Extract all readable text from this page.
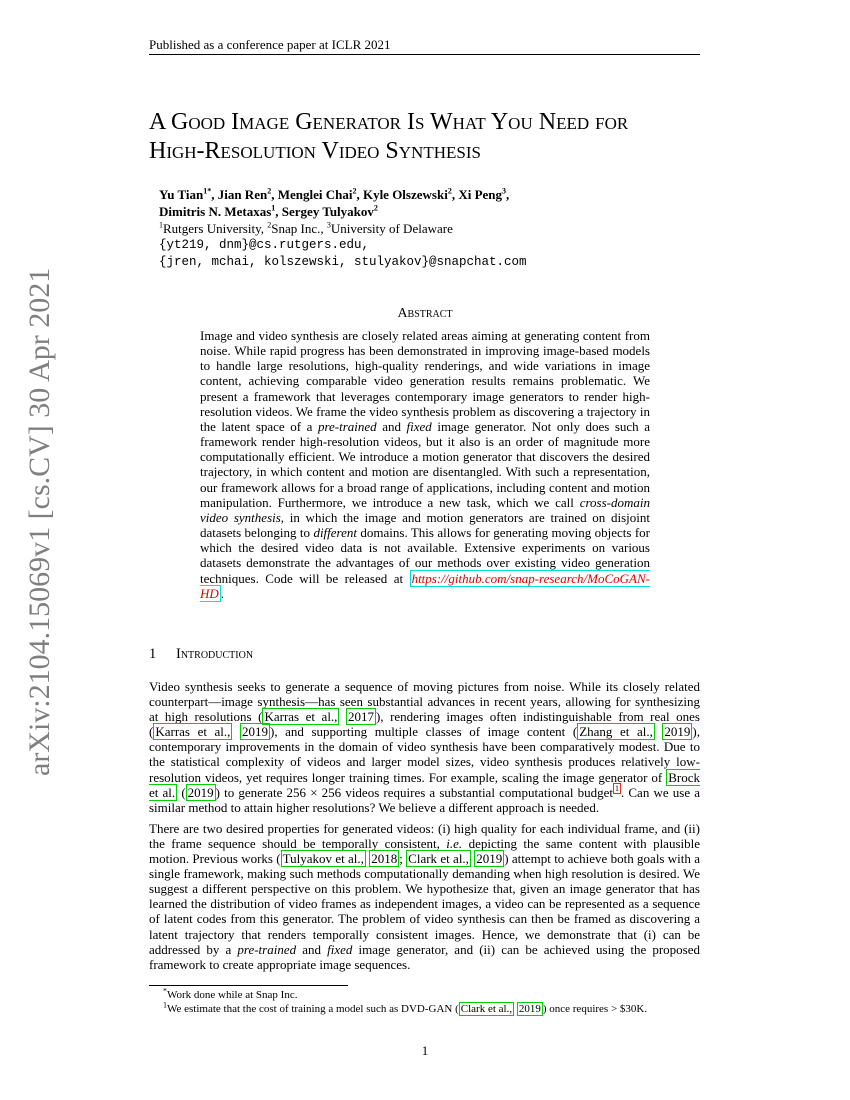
Published as a conference paper at ICLR 2021
arXiv:2104.15069v1 [cs.CV] 30 Apr 2021
A Good Image Generator Is What You Need for
High-Resolution Video Synthesis
Yu Tian$^{1*}$, Jian Ren$^2$, Menglei Chai$^2$, Kyle Olszewski$^2$, Xi Peng$^3$,
Dimitris N. Metaxas$^1$, Sergey Tulyakov$^2$
$^1$Rutgers University, $^2$Snap Inc., $^3$University of Delaware
{yt219, dnm}@cs.rutgers.edu,
{jren, mchai, kolszewski, stulyakov}@snapchat.com
Abstract

Image and video synthesis are closely related areas aiming at generating content from noise. While rapid progress has been demonstrated in improving image-based models to handle large resolutions, high-quality renderings, and wide variations in image content, achieving comparable video generation results remains problematic. We present a framework that leverages contemporary image generators to render high-resolution videos. We frame the video synthesis problem as discovering a trajectory in the latent space of a pre-trained and fixed image generator. Not only does such a framework render high-resolution videos, but it also is an order of magnitude more computationally efficient. We introduce a motion generator that discovers the desired trajectory, in which content and motion are disentangled. With such a representation, our framework allows for a broad range of applications, including content and motion manipulation. Furthermore, we introduce a new task, which we call cross-domain video synthesis, in which the image and motion generators are trained on disjoint datasets belonging to different domains. This allows for generating moving objects for which the desired video data is not available. Extensive experiments on various datasets demonstrate the advantages of our methods over existing video generation techniques. Code will be released at https://github.com/snap-research/MoCoGAN-HD .

1 Introduction

Video synthesis seeks to generate a sequence of moving pictures from noise. While its closely related counterpart—image synthesis—has seen substantial advances in recent years, allowing for synthesizing at high resolutions ( Karras et al., 2017 ), rendering images often indistinguishable from real ones ( Karras et al., 2019 ), and supporting multiple classes of image content ( Zhang et al., 2019 ), contemporary improvements in the domain of video synthesis have been comparatively modest. Due to the statistical complexity of videos and larger model sizes, video synthesis produces relatively low-resolution videos, yet requires longer training times. For example, scaling the image generator of Brock et al. ( 2019 ) to generate 256 × 256 videos requires a substantial computational budget $^1$ . Can we use a similar method to attain higher resolutions? We believe a different approach is needed.

There are two desired properties for generated videos: (i) high quality for each individual frame, and (ii) the frame sequence should be temporally consistent, i.e. depicting the same content with plausible motion. Previous works ( Tulyakov et al., 2018 ; Clark et al., 2019 ) attempt to achieve both goals with a single framework, making such methods computationally demanding when high resolution is desired. We suggest a different perspective on this problem. We hypothesize that, given an image generator that has learned the distribution of video frames as independent images, a video can be represented as a sequence of latent codes from this generator. The problem of video synthesis can then be framed as discovering a latent trajectory that renders temporally consistent images. Hence, we demonstrate that (i) can be addressed by a pre-trained and fixed image generator, and (ii) can be achieved using the proposed framework to create appropriate image sequences.

*Work done while at Snap Inc.
$^1$We estimate that the cost of training a model such as DVD-GAN ( Clark et al., 2019 ) once requires > $30K.
1
